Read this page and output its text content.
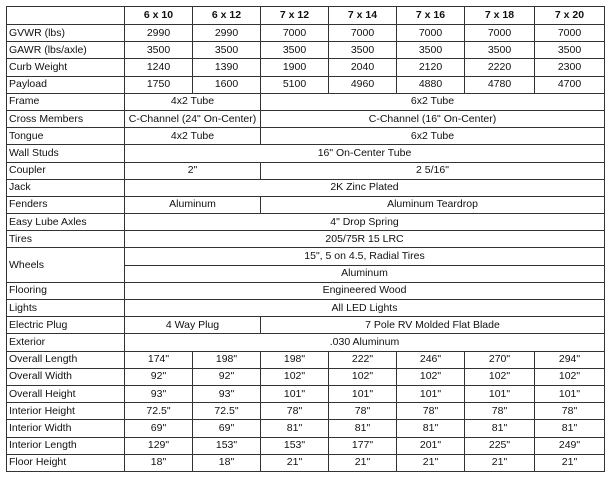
	6 x 10	6 x 12	7 x 12	7 x 14	7 x 16	7 x 18	7 x 20
GVWR (lbs)	2990	2990	7000	7000	7000	7000	7000
GAWR (lbs/axle)	3500	3500	3500	3500	3500	3500	3500
Curb Weight	1240	1390	1900	2040	2120	2220	2300
Payload	1750	1600	5100	4960	4880	4780	4700
Frame	4x2 Tube		6x2 Tube				
Cross Members	C-Channel (24" On-Center)		C-Channel (16" On-Center)				
Tongue	4x2 Tube		6x2 Tube				
Wall Studs	16" On-Center Tube						
Coupler	2"		2 5/16"				
Jack	2K Zinc Plated						
Fenders	Aluminum		Aluminum Teardrop				
Easy Lube Axles	4" Drop Spring						
Tires	205/75R 15 LRC						
Wheels	15", 5 on 4.5, Radial Tires						
	Aluminum						
Flooring	Engineered Wood						
Lights	All LED Lights						
Electric Plug	4 Way Plug		7 Pole RV Molded Flat Blade				
Exterior	.030 Aluminum						
Overall Length	174"	198"	198"	222"	246"	270"	294"
Overall Width	92"	92"	102"	102"	102"	102"	102"
Overall Height	93"	93"	101"	101"	101"	101"	101"
Interior Height	72.5"	72.5"	78"	78"	78"	78"	78"
Interior Width	69"	69"	81"	81"	81"	81"	81"
Interior Length	129"	153"	153"	177"	201"	225"	249"
Floor Height	18"	18"	21"	21"	21"	21"	21"
